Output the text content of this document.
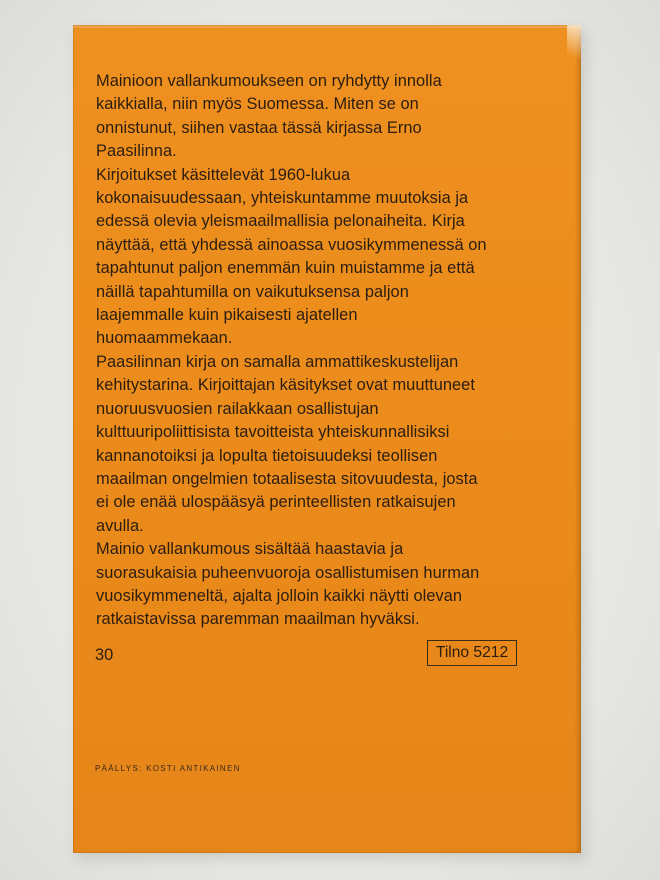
Mainioon vallankumoukseen on ryhdytty innolla
kaikkialla, niin myös Suomessa. Miten se on
onnistunut, siihen vastaa tässä kirjassa Erno
Paasilinna.

Kirjoitukset käsittelevät 1960-lukua
kokonaisuudessaan, yhteiskuntamme muutoksia ja
edessä olevia yleismaailmallisia pelonaiheita. Kirja
näyttää, että yhdessä ainoassa vuosikymmenessä on
tapahtunut paljon enemmän kuin muistamme ja että
näillä tapahtumilla on vaikutuksensa paljon
laajemmalle kuin pikaisesti ajatellen
huomaammekaan.

Paasilinnan kirja on samalla ammattikeskustelijan
kehitystarina. Kirjoittajan käsitykset ovat muuttuneet
nuoruusvuosien railakkaan osallistujan
kulttuuripoliittisista tavoitteista yhteiskunnallisiksi
kannanotoiksi ja lopulta tietoisuudeksi teollisen
maailman ongelmien totaalisesta sitovuudesta, josta
ei ole enää ulospääsyä perinteellisten ratkaisujen
avulla.

Mainio vallankumous sisältää haastavia ja
suorasukaisia puheenvuoroja osallistumisen hurman
vuosikymmeneltä, ajalta jolloin kaikki näytti olevan
ratkaistavissa paremman maailman hyväksi.

30	Tilno 5212
PÄÄLLYS: KOSTI ANTIKAINEN
